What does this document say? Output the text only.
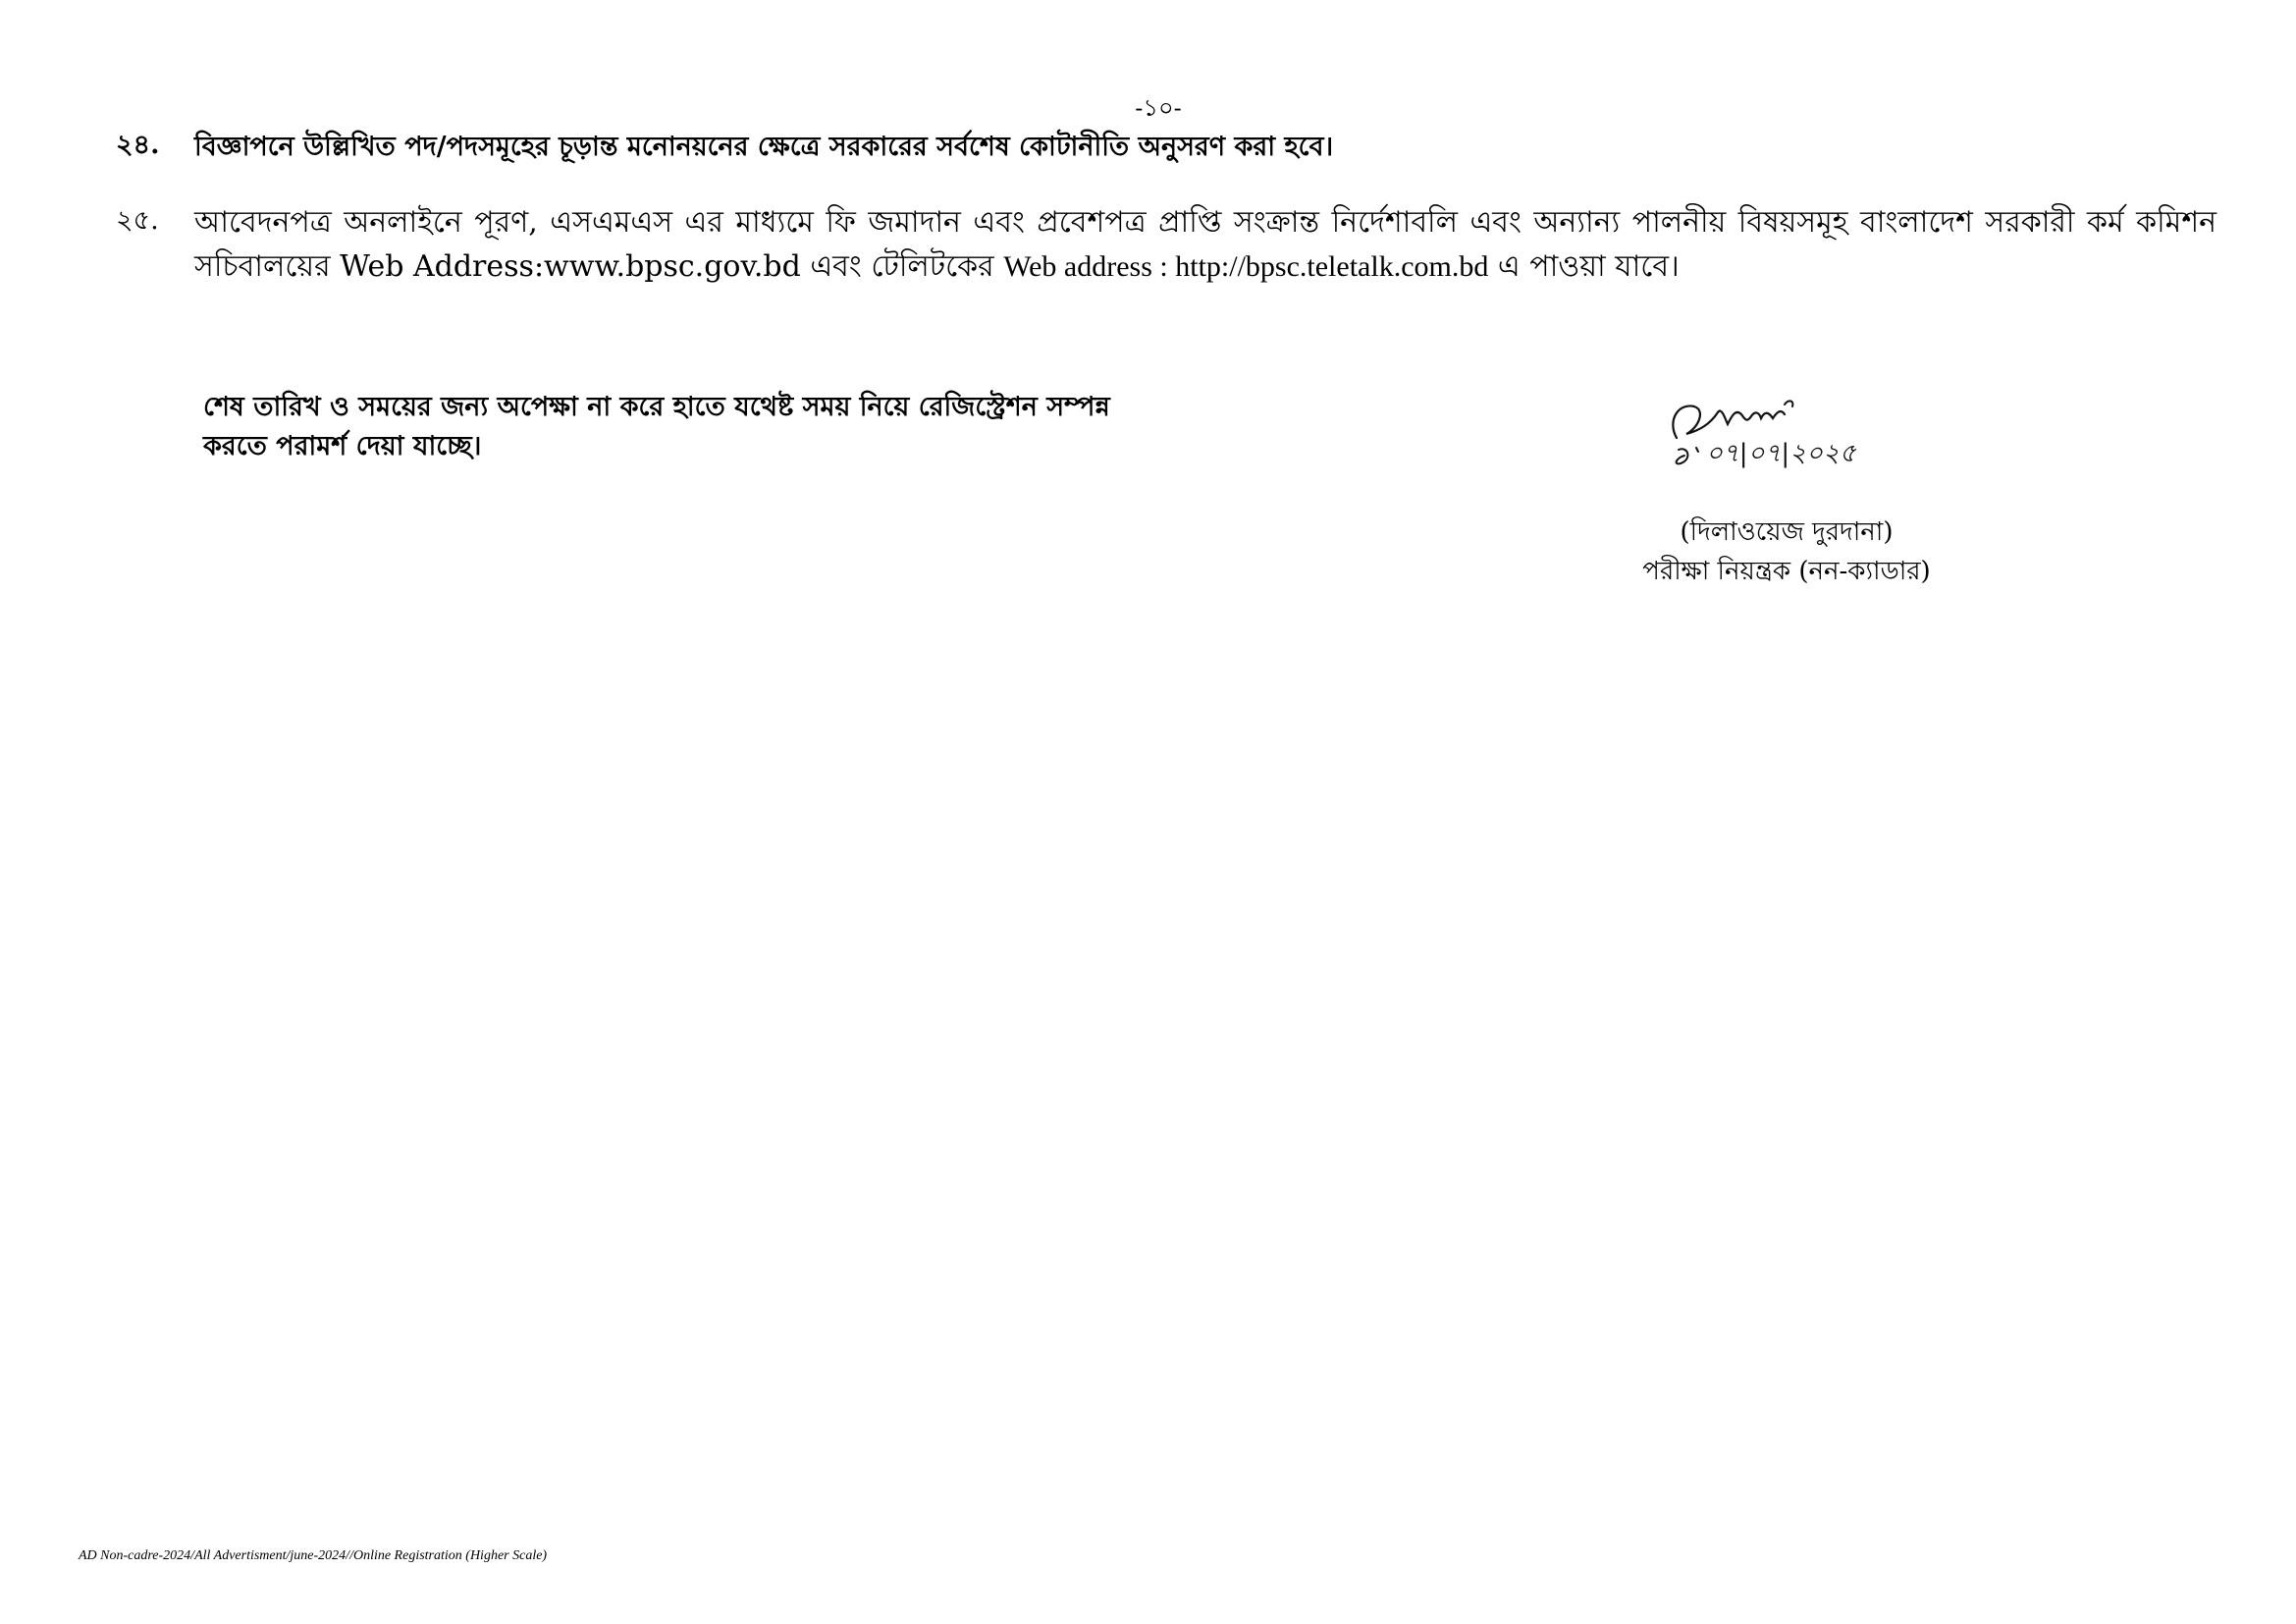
-১০-
২৪.	বিজ্ঞাপনে উল্লিখিত পদ/পদসমূহের চূড়ান্ত মনোনয়নের ক্ষেত্রে সরকারের সর্বশেষ কোটানীতি অনুসরণ করা হবে।
২৫.	আবেদনপত্র অনলাইনে পূরণ, এসএমএস এর মাধ্যমে ফি জমাদান এবং প্রবেশপত্র প্রাপ্তি সংক্রান্ত নির্দেশাবলি এবং অন্যান্য পালনীয় বিষয়সমূহ বাংলাদেশ সরকারী কর্ম কমিশন সচিবালয়ের Web Address:www.bpsc.gov.bd এবং টেলিটকের Web address : http://bpsc.teletalk.com.bd এ পাওয়া যাবে।
শেষ তারিখ ও সময়ের জন্য অপেক্ষা না করে হাতে যথেষ্ট সময় নিয়ে রেজিস্ট্রেশন সম্পন্ন
করতে পরামর্শ দেয়া যাচ্ছে।	০৭|০৭|২০২৫
(দিলাওয়েজ দুরদানা)
পরীক্ষা নিয়ন্ত্রক (নন-ক্যাডার)
AD Non-cadre-2024/All Advertisment/june-2024//Online Registration (Higher Scale)
